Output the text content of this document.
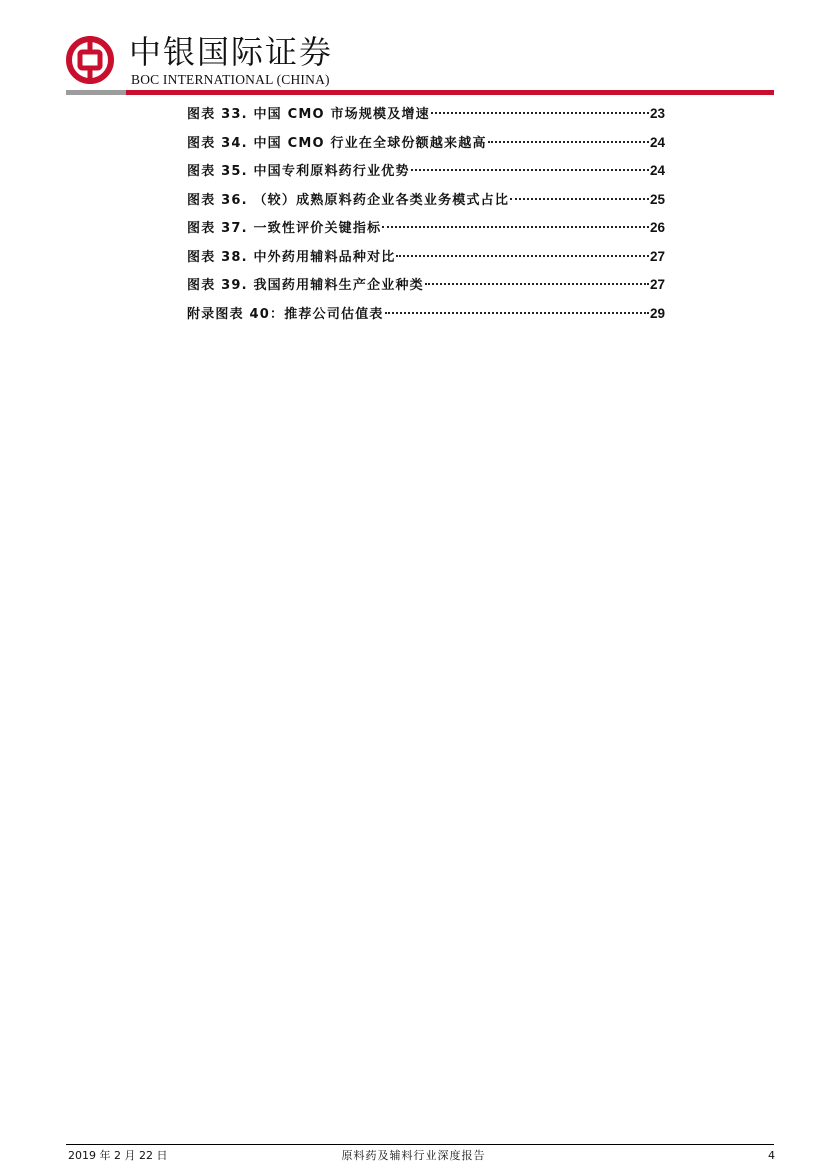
中银国际证券
BOC INTERNATIONAL (CHINA)
图表 33. 中国 CMO 市场规模及增速	23
图表 34. 中国 CMO 行业在全球份额越来越高	24
图表 35. 中国专利原料药行业优势	24
图表 36. （较）成熟原料药企业各类业务模式占比	25
图表 37. 一致性评价关键指标	26
图表 38. 中外药用辅料品种对比	27
图表 39. 我国药用辅料生产企业种类	27
附录图表 40：推荐公司估值表	29
2019 年 2 月 22 日	原料药及辅料行业深度报告	4
